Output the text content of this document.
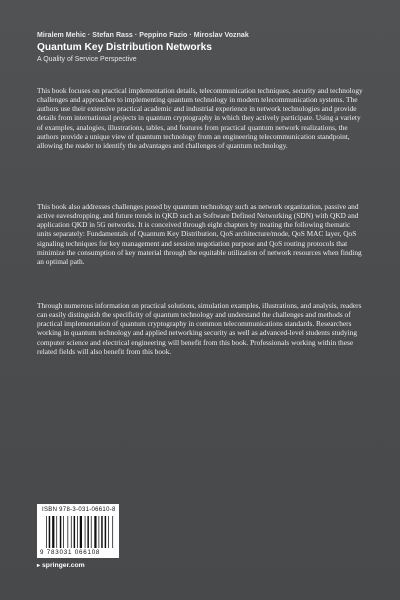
Miralem Mehic · Stefan Rass · Peppino Fazio · Miroslav Voznak
Quantum Key Distribution Networks
A Quality of Service Perspective

This book focuses on practical implementation details, telecommunication techniques, security and technology challenges and approaches to implementing quantum technology in modern telecommunication systems. The authors use their extensive practical academic and industrial experience in network technologies and provide details from international projects in quantum cryptography in which they actively participate. Using a variety of examples, analogies, illustrations, tables, and features from practical quantum network realizations, the authors provide a unique view of quantum technology from an engineering telecommunication standpoint, allowing the reader to identify the advantages and challenges of quantum technology.

This book also addresses challenges posed by quantum technology such as network organization, passive and active eavesdropping, and future trends in QKD such as Software Defined Networking (SDN) with QKD and application QKD in 5G networks. It is conceived through eight chapters by treating the following thematic units separately: Fundamentals of Quantum Key Distribution, QoS architecture/mode, QoS MAC layer, QoS signaling techniques for key management and session negotiation purpose and QoS routing protocols that minimize the consumption of key material through the equitable utilization of network resources when finding an optimal path.

Through numerous information on practical solutions, simulation examples, illustrations, and analysis, readers can easily distinguish the specificity of quantum technology and understand the challenges and methods of practical implementation of quantum cryptography in common telecommunications standards. Researchers working in quantum technology and applied networking security as well as advanced-level students studying computer science and electrical engineering will benefit from this book. Professionals working within these related fields will also benefit from this book.

ISBN 978-3-031-06610-8
9 783031 066108
▸ springer.com
